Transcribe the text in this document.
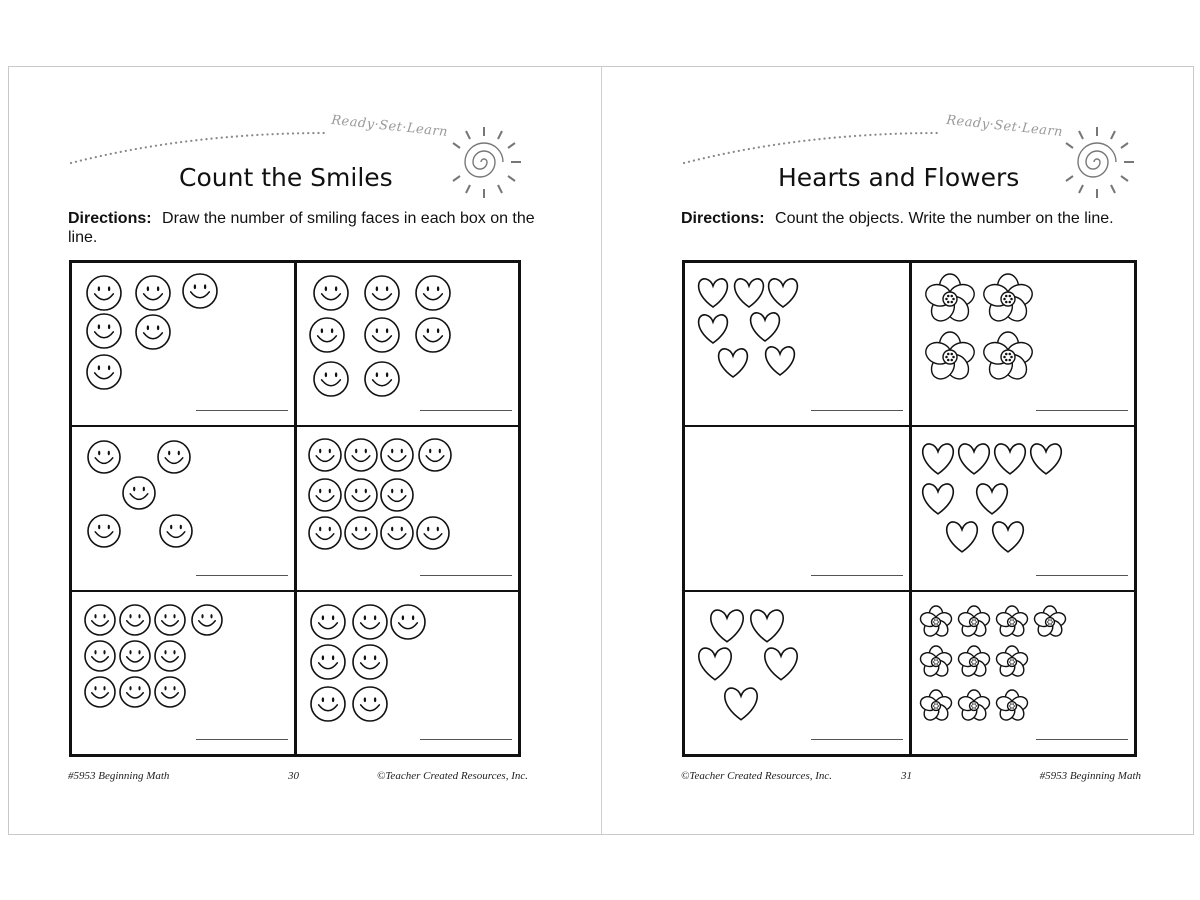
Ready·Set·Learn
Count the Smiles
Directions: Draw the number of smiling faces in each box on the line.
#5953 Beginning Math	30	©Teacher Created Resources, Inc.
Ready·Set·Learn
Hearts and Flowers
Directions: Count the objects. Write the number on the line.
©Teacher Created Resources, Inc.	31	#5953 Beginning Math
